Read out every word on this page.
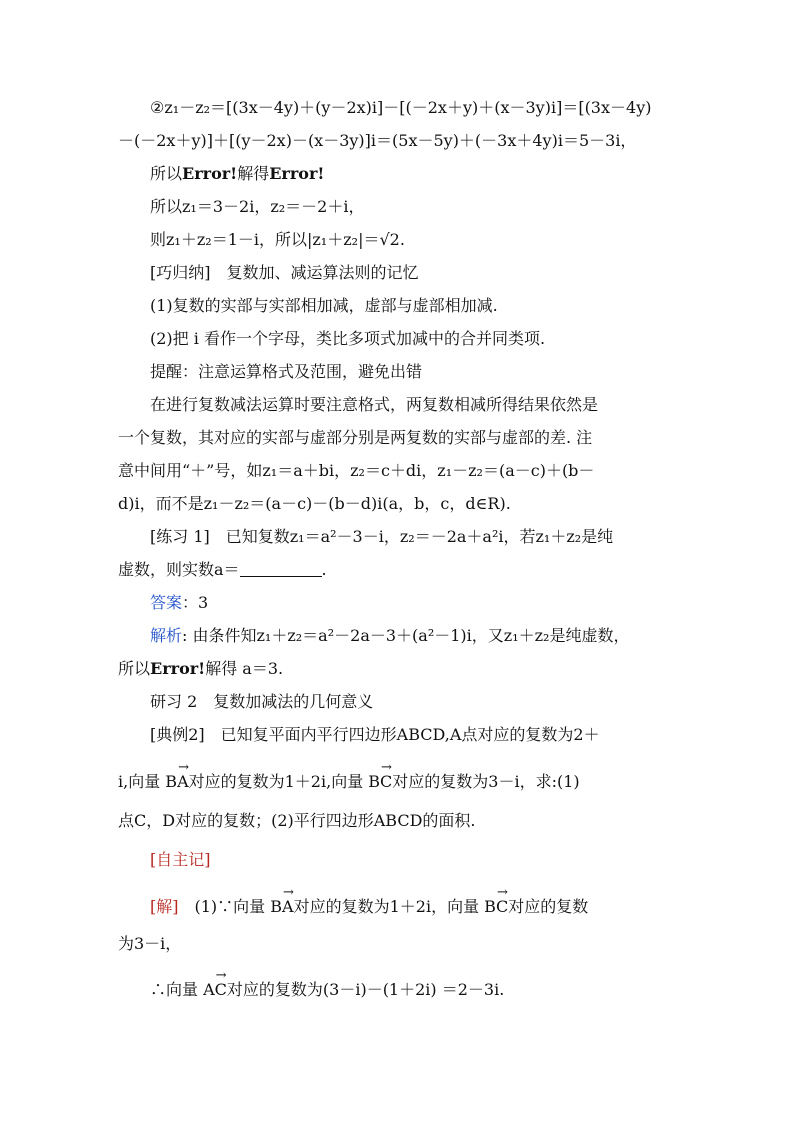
②z₁－z₂＝[(3x－4y)＋(y－2x)i]－[(－2x＋y)＋(x－3y)i]＝[(3x－4y)
－(－2x＋y)]＋[(y－2x)－(x－3y)]i＝(5x－5y)＋(－3x＋4y)i＝5－3i，
所以Error!解得Error!
所以z₁＝3－2i，z₂＝－2＋i，
则z₁＋z₂＝1－i，所以|z₁＋z₂|＝√2.
[巧归纳]　复数加、减运算法则的记忆
(1)复数的实部与实部相加减，虚部与虚部相加减.
(2)把 i 看作一个字母，类比多项式加减中的合并同类项.
提醒：注意运算格式及范围，避免出错
在进行复数减法运算时要注意格式，两复数相减所得结果依然是
一个复数，其对应的实部与虚部分别是两复数的实部与虚部的差. 注
意中间用“＋”号，如z₁＝a＋bi，z₂＝c＋di，z₁－z₂＝(a－c)＋(b－
d)i，而不是z₁－z₂＝(a－c)－(b－d)i(a，b，c，d∈R).
[练习 1]　已知复数z₁＝a²－3－i，z₂＝－2a＋a²i，若z₁＋z₂是纯
虚数，则实数a＝	.
答案：3
解析: 由条件知z₁＋z₂＝a²－2a－3＋(a²－1)i，又z₁＋z₂是纯虚数，
所以Error!解得 a＝3.
研习 2　复数加减法的几何意义
[典例2]　已知复平面内平行四边形ABCD,A点对应的复数为2＋
i,向量 B
→
A对应的复数为1＋2i,向量 B
→
C对应的复数为3－i，求:(1)
点C，D对应的复数；(2)平行四边形ABCD的面积.
[自主记]
[解]　(1)∵向量 B
→
A对应的复数为1＋2i，向量 B
→
C对应的复数
为3－i，
∴向量 A
→
C对应的复数为(3－i)－(1＋2i) ＝2－3i.
